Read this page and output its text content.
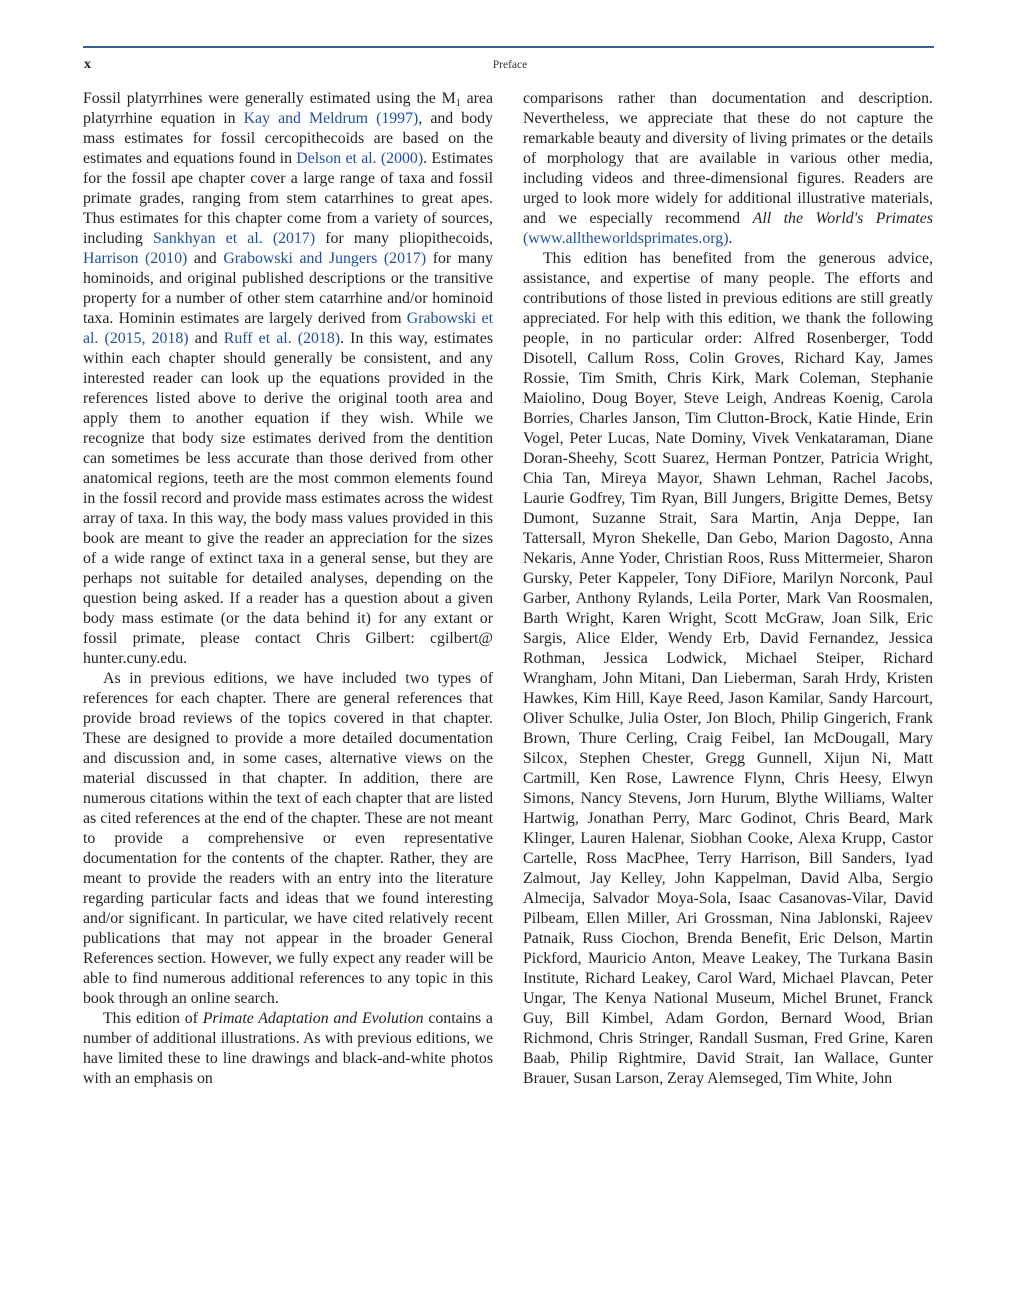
x	Preface

Fossil platyrrhines were generally estimated using the $M_1$ area platyrrhine equation in Kay and Meldrum (1997), and body mass estimates for fossil cercopithecoids are based on the estimates and equations found in Delson et al. (2000). Estimates for the fossil ape chapter cover a large range of taxa and fossil primate grades, ranging from stem catarrhines to great apes. Thus estimates for this chapter come from a variety of sources, including Sankhyan et al. (2017) for many pliopithecoids, Harrison (2010) and Grabowski and Jungers (2017) for many hominoids, and original published descriptions or the transitive property for a number of other stem catarrhine and/or hominoid taxa. Hominin estimates are largely derived from Grabowski et al. (2015, 2018) and Ruff et al. (2018). In this way, estimates within each chapter should generally be consistent, and any interested reader can look up the equations provided in the references listed above to derive the original tooth area and apply them to another equation if they wish. While we recognize that body size estimates derived from the dentition can sometimes be less accurate than those derived from other anatomical regions, teeth are the most common elements found in the fossil record and provide mass estimates across the widest array of taxa. In this way, the body mass values provided in this book are meant to give the reader an appreciation for the sizes of a wide range of extinct taxa in a general sense, but they are perhaps not suitable for detailed analyses, depending on the question being asked. If a reader has a question about a given body mass estimate (or the data behind it) for any extant or fossil primate, please contact Chris Gilbert: cgilbert@ hunter.cuny.edu.

As in previous editions, we have included two types of references for each chapter. There are general references that provide broad reviews of the topics covered in that chapter. These are designed to provide a more detailed documentation and discussion and, in some cases, alternative views on the material discussed in that chapter. In addition, there are numerous citations within the text of each chapter that are listed as cited references at the end of the chapter. These are not meant to provide a comprehensive or even representative documentation for the contents of the chapter. Rather, they are meant to provide the readers with an entry into the literature regarding particular facts and ideas that we found interesting and/or significant. In particular, we have cited relatively recent publications that may not appear in the broader General References section. However, we fully expect any reader will be able to find numerous additional references to any topic in this book through an online search.

This edition of Primate Adaptation and Evolution contains a number of additional illustrations. As with previous editions, we have limited these to line drawings and black-and-white photos with an emphasis on

comparisons rather than documentation and description. Nevertheless, we appreciate that these do not capture the remarkable beauty and diversity of living primates or the details of morphology that are available in various other media, including videos and three-dimensional figures. Readers are urged to look more widely for additional illustrative materials, and we especially recommend All the World's Primates (www.alltheworldsprimates.org).

This edition has benefited from the generous advice, assistance, and expertise of many people. The efforts and contributions of those listed in previous editions are still greatly appreciated. For help with this edition, we thank the following people, in no particular order: Alfred Rosenberger, Todd Disotell, Callum Ross, Colin Groves, Richard Kay, James Rossie, Tim Smith, Chris Kirk, Mark Coleman, Stephanie Maiolino, Doug Boyer, Steve Leigh, Andreas Koenig, Carola Borries, Charles Janson, Tim Clutton-Brock, Katie Hinde, Erin Vogel, Peter Lucas, Nate Dominy, Vivek Venkataraman, Diane Doran-Sheehy, Scott Suarez, Herman Pontzer, Patricia Wright, Chia Tan, Mireya Mayor, Shawn Lehman, Rachel Jacobs, Laurie Godfrey, Tim Ryan, Bill Jungers, Brigitte Demes, Betsy Dumont, Suzanne Strait, Sara Martin, Anja Deppe, Ian Tattersall, Myron Shekelle, Dan Gebo, Marion Dagosto, Anna Nekaris, Anne Yoder, Christian Roos, Russ Mittermeier, Sharon Gursky, Peter Kappeler, Tony DiFiore, Marilyn Norconk, Paul Garber, Anthony Rylands, Leila Porter, Mark Van Roosmalen, Barth Wright, Karen Wright, Scott McGraw, Joan Silk, Eric Sargis, Alice Elder, Wendy Erb, David Fernandez, Jessica Rothman, Jessica Lodwick, Michael Steiper, Richard Wrangham, John Mitani, Dan Lieberman, Sarah Hrdy, Kristen Hawkes, Kim Hill, Kaye Reed, Jason Kamilar, Sandy Harcourt, Oliver Schulke, Julia Oster, Jon Bloch, Philip Gingerich, Frank Brown, Thure Cerling, Craig Feibel, Ian McDougall, Mary Silcox, Stephen Chester, Gregg Gunnell, Xijun Ni, Matt Cartmill, Ken Rose, Lawrence Flynn, Chris Heesy, Elwyn Simons, Nancy Stevens, Jorn Hurum, Blythe Williams, Walter Hartwig, Jonathan Perry, Marc Godinot, Chris Beard, Mark Klinger, Lauren Halenar, Siobhan Cooke, Alexa Krupp, Castor Cartelle, Ross MacPhee, Terry Harrison, Bill Sanders, Iyad Zalmout, Jay Kelley, John Kappelman, David Alba, Sergio Almecija, Salvador Moya-Sola, Isaac Casanovas-Vilar, David Pilbeam, Ellen Miller, Ari Grossman, Nina Jablonski, Rajeev Patnaik, Russ Ciochon, Brenda Benefit, Eric Delson, Martin Pickford, Mauricio Anton, Meave Leakey, The Turkana Basin Institute, Richard Leakey, Carol Ward, Michael Plavcan, Peter Ungar, The Kenya National Museum, Michel Brunet, Franck Guy, Bill Kimbel, Adam Gordon, Bernard Wood, Brian Richmond, Chris Stringer, Randall Susman, Fred Grine, Karen Baab, Philip Rightmire, David Strait, Ian Wallace, Gunter Brauer, Susan Larson, Zeray Alemseged, Tim White, John
